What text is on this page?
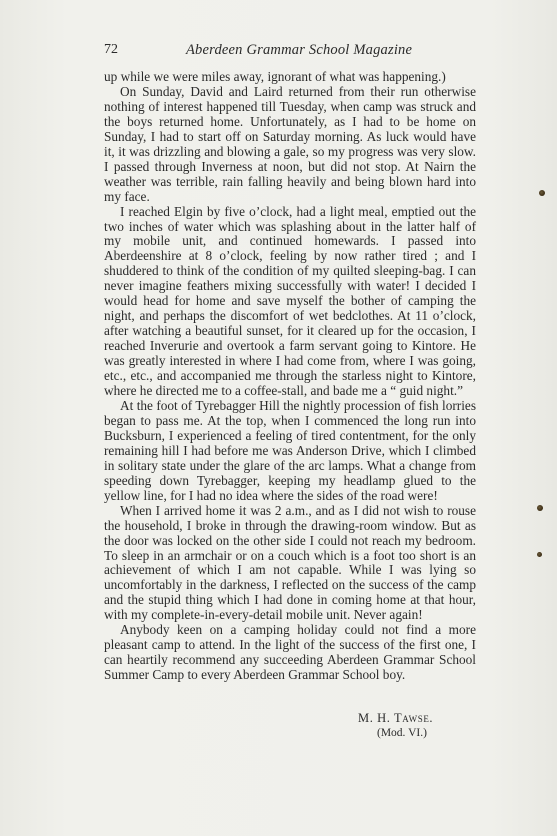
72	Aberdeen Grammar School Magazine

up while we were miles away, ignorant of what was happening.)

On Sunday, David and Laird returned from their run otherwise nothing of interest happened till Tuesday, when camp was struck and the boys returned home. Unfortunately, as I had to be home on Sunday, I had to start off on Saturday morning. As luck would have it, it was drizzling and blowing a gale, so my progress was very slow. I passed through Inverness at noon, but did not stop. At Nairn the weather was terrible, rain falling heavily and being blown hard into my face.

I reached Elgin by five o’clock, had a light meal, emptied out the two inches of water which was splashing about in the latter half of my mobile unit, and continued homewards. I passed into Aberdeenshire at 8 o’clock, feeling by now rather tired ; and I shuddered to think of the condition of my quilted sleeping-bag. I can never imagine feathers mixing successfully with water! I decided I would head for home and save myself the bother of camping the night, and perhaps the discomfort of wet bedclothes. At 11 o’clock, after watching a beautiful sunset, for it cleared up for the occasion, I reached Inverurie and overtook a farm servant going to Kintore. He was greatly interested in where I had come from, where I was going, etc., etc., and accompanied me through the starless night to Kintore, where he directed me to a coffee-stall, and bade me a “ guid night.”

At the foot of Tyrebagger Hill the nightly procession of fish lorries began to pass me. At the top, when I commenced the long run into Bucksburn, I experienced a feeling of tired contentment, for the only remaining hill I had before me was Anderson Drive, which I climbed in solitary state under the glare of the arc lamps. What a change from speeding down Tyrebagger, keeping my headlamp glued to the yellow line, for I had no idea where the sides of the road were!

When I arrived home it was 2 a.m., and as I did not wish to rouse the household, I broke in through the drawing-room window. But as the door was locked on the other side I could not reach my bedroom. To sleep in an armchair or on a couch which is a foot too short is an achievement of which I am not capable. While I was lying so uncomfortably in the darkness, I reflected on the success of the camp and the stupid thing which I had done in coming home at that hour, with my complete-in-every-detail mobile unit. Never again!

Anybody keen on a camping holiday could not find a more pleasant camp to attend. In the light of the success of the first one, I can heartily recommend any succeeding Aberdeen Grammar School Summer Camp to every Aberdeen Grammar School boy.

M. H. Tawse.
(Mod. VI.)
